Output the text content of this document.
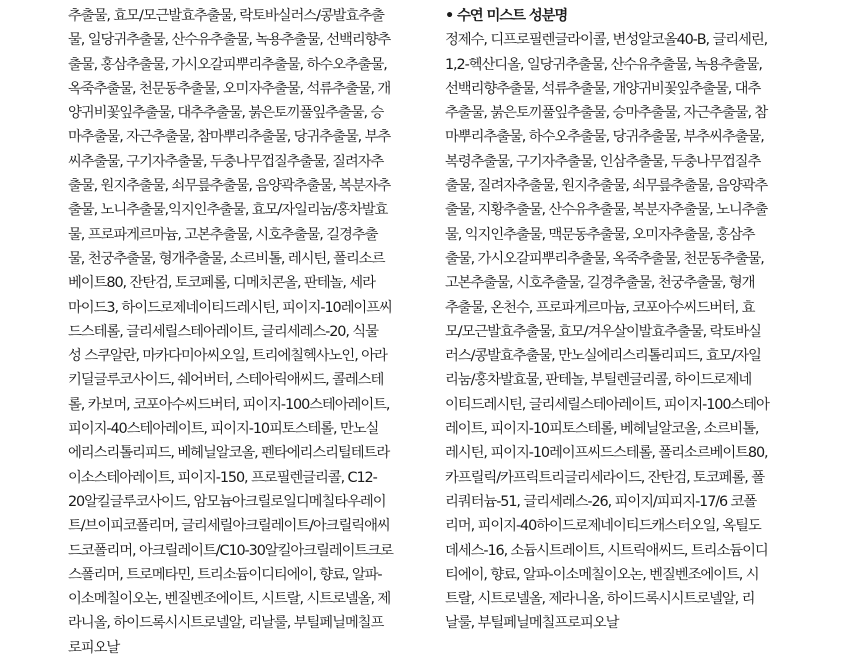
추출물, 효모/모근발효추출물, 락토바실러스/콩발효추출
물, 일당귀추출물, 산수유추출물, 녹용추출물, 선백리향추
출물, 홍삼추출물, 가시오갈피뿌리추출물, 하수오추출물,
옥죽추출물, 천문동추출물, 오미자추출물, 석류추출물, 개
양귀비꽃잎추출물, 대추추출물, 붉은토끼풀잎추출물, 승
마추출물, 자근추출물, 참마뿌리추출물, 당귀추출물, 부추
씨추출물, 구기자추출물, 두충나무껍질추출물, 질려자추
출물, 원지추출물, 쇠무릎추출물, 음양곽추출물, 복분자추
출물, 노니추출물,익지인추출물, 효모/자일리눔/홍차발효
물, 프로파게르마늄, 고본추출물, 시호추출물, 길경추출
물, 천궁추출물, 형개추출물, 소르비톨, 레시틴, 폴리소르
베이트80, 잔탄검, 토코페롤, 디메치콘올, 판테놀, 세라
마이드3, 하이드로제네이티드레시틴, 피이지-10레이프씨
드스테롤, 글리세릴스테아레이트, 글리세레스-20, 식물
성 스쿠알란, 마카다미아씨오일, 트리에칠헥사노인, 아라
키딜글루코사이드, 쉐어버터, 스테아릭애씨드, 콜레스테
롤, 카보머, 코포아수씨드버터, 피이지-100스테아레이트,
피이지-40스테아레이트, 피이지-10피토스테롤, 만노실
에리스리톨리피드, 베헤닐알코올, 펜타에리스리틸테트라
이소스테아레이트, 피이지-150, 프로필렌글리콜, C12-
20알킬글루코사이드, 암모늄아크릴로일디메칠타우레이
트/브이피코폴리머, 글리세릴아크릴레이트/아크릴릭애씨
드코폴리머, 아크릴레이트/C10-30알킬아크릴레이트크로
스폴리머, 트로메타민, 트리소듐이디티에이, 향료, 알파-
이소메칠이오논, 벤질벤조에이트, 시트랄, 시트로넬올, 제
라니올, 하이드록시시트로넬알, 리날룰, 부틸페닐메칠프
로피오날
• 수연 미스트 성분명
정제수, 디프로필렌글라이콜, 변성알코올40-B, 글리세린,
1,2-헥산디올, 일당귀추출물, 산수유추출물, 녹용추출물,
선백리향추출물, 석류추출물, 개양귀비꽃잎추출물, 대추
추출물, 붉은토끼풀잎추출물, 승마추출물, 자근추출물, 참
마뿌리추출물, 하수오추출물, 당귀추출물, 부추씨추출물,
복령추출물, 구기자추출물, 인삼추출물, 두충나무껍질추
출물, 질려자추출물, 원지추출물, 쇠무릎추출물, 음양곽추
출물, 지황추출물, 산수유추출물, 복분자추출물, 노니추출
물, 익지인추출물, 맥문동추출물, 오미자추출물, 홍삼추
출물, 가시오갈피뿌리추출물, 옥죽추출물, 천문동추출물,
고본추출물, 시호추출물, 길경추출물, 천궁추출물, 형개
추출물, 온천수, 프로파게르마늄, 코포아수씨드버터, 효
모/모근발효추출물, 효모/겨우살이발효추출물, 락토바실
러스/콩발효추출물, 만노실에리스리톨리피드, 효모/자일
리눔/홍차발효물, 판테놀, 부틸렌글리콜, 하이드로제네
이티드레시틴, 글리세릴스테아레이트, 피이지-100스테아
레이트, 피이지-10피토스테롤, 베헤닐알코올, 소르비톨,
레시틴, 피이지-10레이프씨드스테롤, 폴리소르베이트80,
카프릴릭/카프릭트리글리세라이드, 잔탄검, 토코페롤, 폴
리쿼터늄-51, 글리세레스-26, 피이지/피피지-17/6 코폴
리머, 피이지-40하이드로제네이티드캐스터오일, 옥틸도
데세스-16, 소듐시트레이트, 시트릭애씨드, 트리소듐이디
티에이, 향료, 알파-이소메칠이오논, 벤질벤조에이트, 시
트랄, 시트로넬올, 제라니올, 하이드록시시트로넬알, 리
날룰, 부틸페닐메칠프로피오날
